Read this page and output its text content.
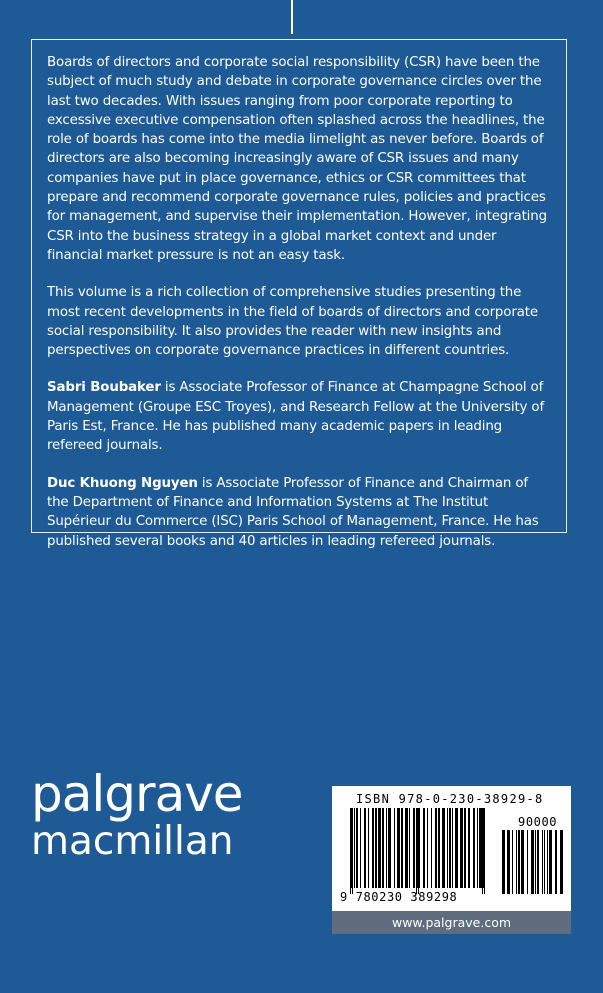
Boards of directors and corporate social responsibility (CSR) have been the subject of much study and debate in corporate governance circles over the last two decades. With issues ranging from poor corporate reporting to excessive executive compensation often splashed across the headlines, the role of boards has come into the media limelight as never before. Boards of directors are also becoming increasingly aware of CSR issues and many companies have put in place governance, ethics or CSR committees that prepare and recommend corporate governance rules, policies and practices for management, and supervise their implementation. However, integrating CSR into the business strategy in a global market context and under financial market pressure is not an easy task.

This volume is a rich collection of comprehensive studies presenting the most recent developments in the field of boards of directors and corporate social responsibility. It also provides the reader with new insights and perspectives on corporate governance practices in different countries.

Sabri Boubaker is Associate Professor of Finance at Champagne School of Management (Groupe ESC Troyes), and Research Fellow at the University of Paris Est, France. He has published many academic papers in leading refereed journals.

Duc Khuong Nguyen is Associate Professor of Finance and Chairman of the Department of Finance and Information Systems at The Institut Supérieur du Commerce (ISC) Paris School of Management, France. He has published several books and 40 articles in leading refereed journals.

palgrave
macmillan
ISBN 978-0-230-38929-8
90000
9 780230 389298
www.palgrave.com
